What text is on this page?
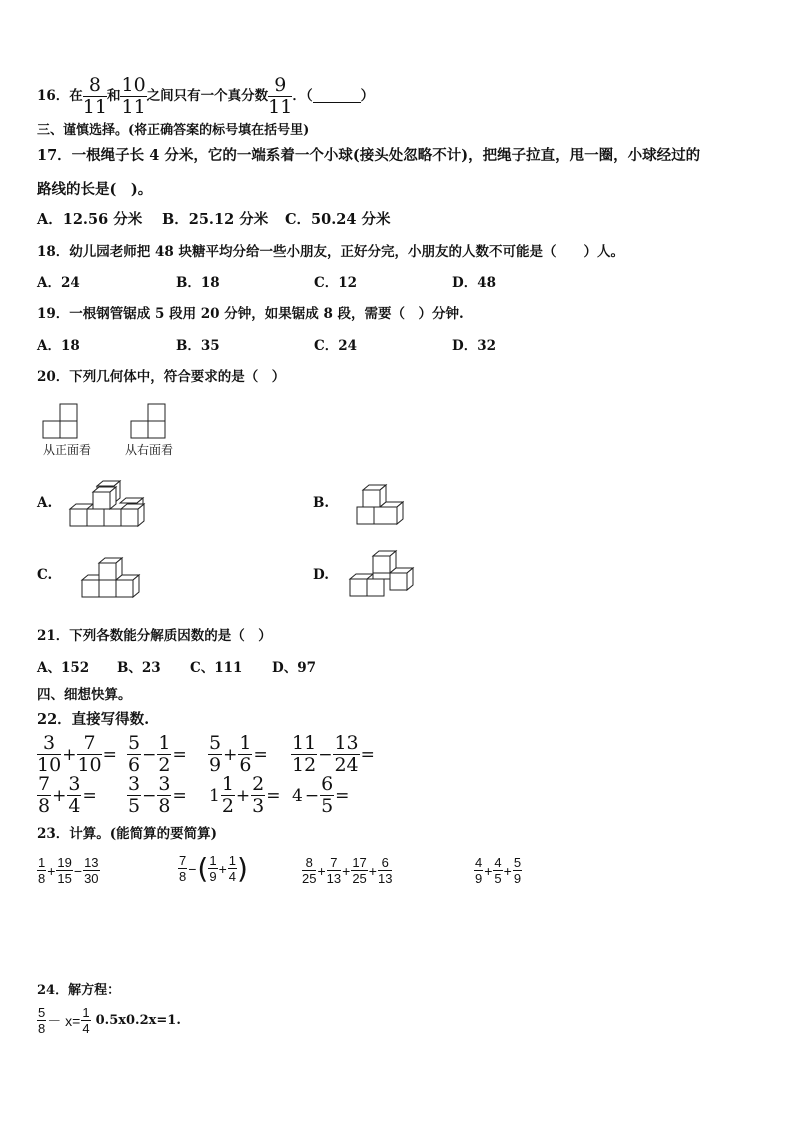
16．在 $\frac{8}{11}$ 和 $\frac{10}{11}$ 之间只有一个真分数 $\frac{9}{11}$ ．（	）
三、谨慎选择。(将正确答案的标号填在括号里)
17．一根绳子长 4 分米，它的一端系着一个小球(接头处忽略不计)，把绳子拉直，甩一圈，小球经过的
路线的长是(　)。
A．12.56 分米 B．25.12 分米 C．50.24 分米
18．幼儿园老师把 48 块糖平均分给一些小朋友，正好分完，小朋友的人数不可能是（　　）人。
A．24	B．18	C．12	D．48
19．一根钢管锯成 5 段用 20 分钟，如果锯成 8 段，需要（　）分钟.
A．18	B．35	C．24	D．32
20．下列几何体中，符合要求的是（　）
从正面看	从右面看
A.	B.
C.	D.
21．下列各数能分解质因数的是（　）
A、152 B、23 C、111 D、97
四、细想快算。
22．直接写得数.
$\frac{3}{10} + \frac{7}{10} = \frac{5}{6} - \frac{1}{2} = \frac{5}{9} + \frac{1}{6} = \frac{11}{12} - \frac{13}{24}$ =
$\frac{7}{8} + \frac{3}{4} = \frac{3}{5} - \frac{3}{8} = 1 \frac{1}{2} + \frac{2}{3} = 4 - \frac{6}{5}$ =
23．计算。(能简算的要简算)
$\frac{1}{8} + \frac{19}{15} - \frac{13}{30}$	$\frac{7}{8}$ −( $\frac{1}{9} + \frac{1}{4}$ )	$\frac{8}{25} + \frac{7}{13} + \frac{17}{25} + \frac{6}{13}$	$\frac{4}{9} + \frac{4}{5} + \frac{5}{9}$
24．解方程：
$\frac{5}{8} - x= \frac{1}{4} 0.5x0.2x=1$.
